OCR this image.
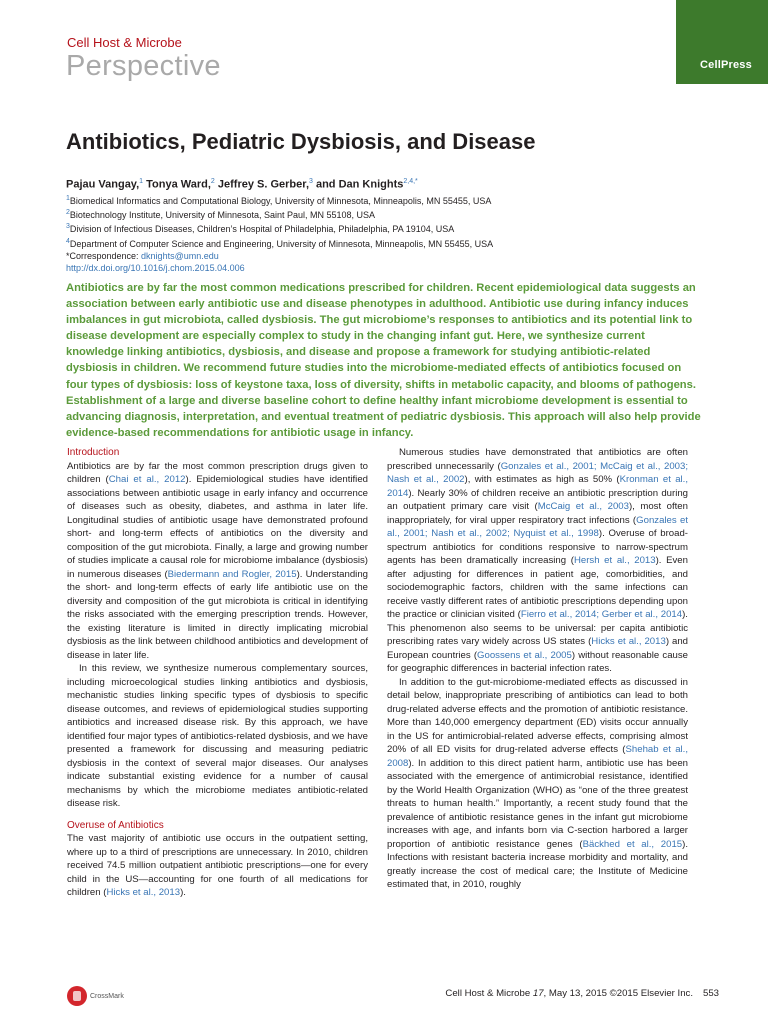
Cell Host & Microbe
Perspective	CellPress
Antibiotics, Pediatric Dysbiosis, and Disease
Pajau Vangay,$^1$ Tonya Ward,$^2$ Jeffrey S. Gerber,$^3$ and Dan Knights$^{2,4,*}$
$^1$Biomedical Informatics and Computational Biology, University of Minnesota, Minneapolis, MN 55455, USA
$^2$Biotechnology Institute, University of Minnesota, Saint Paul, MN 55108, USA
$^3$Division of Infectious Diseases, Children’s Hospital of Philadelphia, Philadelphia, PA 19104, USA
$^4$Department of Computer Science and Engineering, University of Minnesota, Minneapolis, MN 55455, USA
*Correspondence: dknights@umn.edu
http://dx.doi.org/10.1016/j.chom.2015.04.006
Antibiotics are by far the most common medications prescribed for children. Recent epidemiological data suggests an association between early antibiotic use and disease phenotypes in adulthood. Antibiotic use during infancy induces imbalances in gut microbiota, called dysbiosis. The gut microbiome’s responses to antibiotics and its potential link to disease development are especially complex to study in the changing infant gut. Here, we synthesize current knowledge linking antibiotics, dysbiosis, and disease and propose a framework for studying antibiotic-related dysbiosis in children. We recommend future studies into the microbiome-mediated effects of antibiotics focused on four types of dysbiosis: loss of keystone taxa, loss of diversity, shifts in metabolic capacity, and blooms of pathogens. Establishment of a large and diverse baseline cohort to define healthy infant microbiome development is essential to advancing diagnosis, interpretation, and eventual treatment of pediatric dysbiosis. This approach will also help provide evidence-based recommendations for antibiotic usage in infancy.

Introduction

Antibiotics are by far the most common prescription drugs given to children (Chai et al., 2012). Epidemiological studies have identified associations between antibiotic usage in early infancy and occurrence of diseases such as obesity, diabetes, and asthma in later life. Longitudinal studies of antibiotic usage have demonstrated profound short- and long-term effects of antibiotics on the diversity and composition of the gut microbiota. Finally, a large and growing number of studies implicate a causal role for microbiome imbalance (dysbiosis) in numerous diseases (Biedermann and Rogler, 2015). Understanding the short- and long-term effects of early life antibiotic use on the diversity and composition of the gut microbiota is critical in identifying the risks associated with the emerging prescription trends. However, the existing literature is limited in directly implicating microbial dysbiosis as the link between childhood antibiotics and development of disease in later life.

In this review, we synthesize numerous complementary sources, including microecological studies linking antibiotics and dysbiosis, mechanistic studies linking specific types of dysbiosis to specific disease outcomes, and reviews of epidemiological studies supporting antibiotics and increased disease risk. By this approach, we have identified four major types of antibiotics-related dysbiosis, and we have presented a framework for discussing and measuring pediatric dysbiosis in the context of several major diseases. Our analyses indicate substantial existing evidence for a number of causal mechanisms by which the microbiome mediates antibiotic-related disease risk.

Overuse of Antibiotics

The vast majority of antibiotic use occurs in the outpatient setting, where up to a third of prescriptions are unnecessary. In 2010, children received 74.5 million outpatient antibiotic prescriptions—one for every child in the US—accounting for one fourth of all medications for children (Hicks et al., 2013).

Numerous studies have demonstrated that antibiotics are often prescribed unnecessarily (Gonzales et al., 2001; McCaig et al., 2003; Nash et al., 2002), with estimates as high as 50% (Kronman et al., 2014). Nearly 30% of children receive an antibiotic prescription during an outpatient primary care visit (McCaig et al., 2003), most often inappropriately, for viral upper respiratory tract infections (Gonzales et al., 2001; Nash et al., 2002; Nyquist et al., 1998). Overuse of broad-spectrum antibiotics for conditions responsive to narrow-spectrum agents has been dramatically increasing (Hersh et al., 2013). Even after adjusting for differences in patient age, comorbidities, and sociodemographic factors, children with the same infections can receive vastly different rates of antibiotic prescriptions depending upon the practice or clinician visited (Fierro et al., 2014; Gerber et al., 2014). This phenomenon also seems to be universal: per capita antibiotic prescribing rates vary widely across US states (Hicks et al., 2013) and European countries (Goossens et al., 2005) without reasonable cause for geographic differences in bacterial infection rates.

In addition to the gut-microbiome-mediated effects as discussed in detail below, inappropriate prescribing of antibiotics can lead to both drug-related adverse effects and the promotion of antibiotic resistance. More than 140,000 emergency department (ED) visits occur annually in the US for antimicrobial-related adverse effects, comprising almost 20% of all ED visits for drug-related adverse effects (Shehab et al., 2008). In addition to this direct patient harm, antibiotic use has been associated with the emergence of antimicrobial resistance, identified by the World Health Organization (WHO) as “one of the three greatest threats to human health.” Importantly, a recent study found that the prevalence of antibiotic resistance genes in the infant gut microbiome increases with age, and infants born via C-section harbored a larger proportion of antibiotic resistance genes (Bäckhed et al., 2015). Infections with resistant bacteria increase morbidity and mortality, and greatly increase the cost of medical care; the Institute of Medicine estimated that, in 2010, roughly

CrossMark	Cell Host & Microbe 17, May 13, 2015 ©2015 Elsevier Inc. 553
